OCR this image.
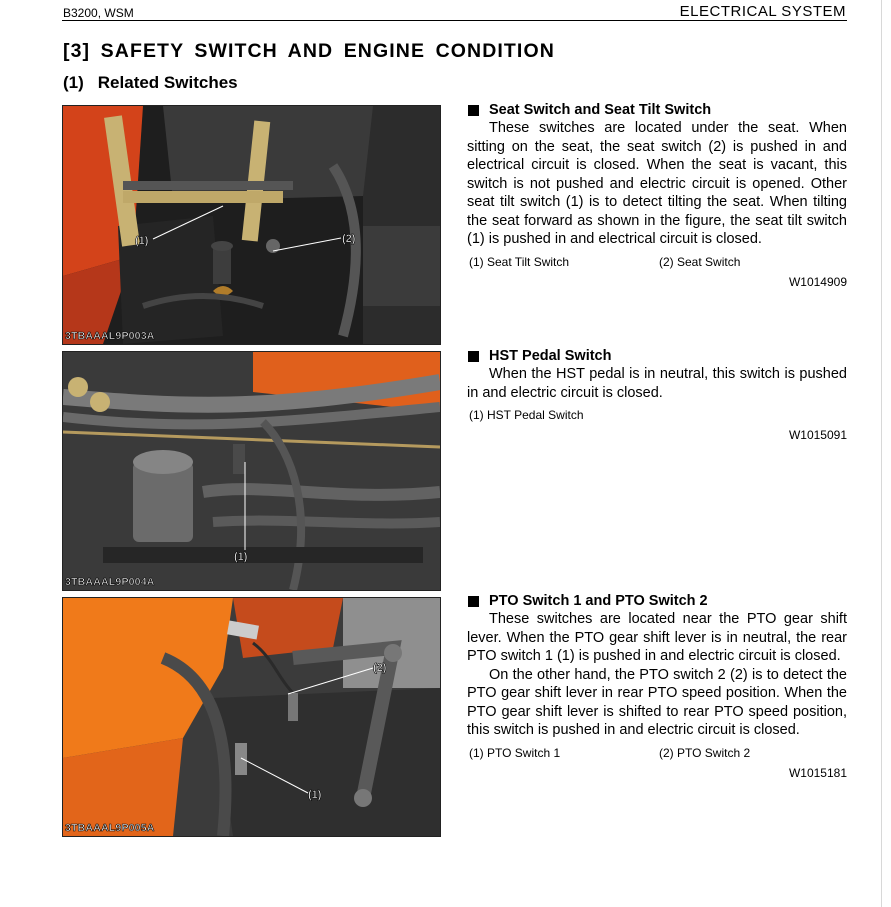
B3200, WSM	ELECTRICAL SYSTEM
[3] SAFETY SWITCH AND ENGINE CONDITION
(1) Related Switches
(1)	(2)
3TBAAAL9P003A
(1)
3TBAAAL9P004A
(2)
(1)
3TBAAAL9P005A
Seat Switch and Seat Tilt Switch

These switches are located under the seat. When sitting on the seat, the seat switch (2) is pushed in and electrical circuit is closed. When the seat is vacant, this switch is not pushed and electric circuit is opened. Other seat tilt switch (1) is to detect tilting the seat. When tilting the seat forward as shown in the figure, the seat tilt switch (1) is pushed in and electrical circuit is closed.

(1) Seat Tilt Switch	(2) Seat Switch
W1014909
HST Pedal Switch

When the HST pedal is in neutral, this switch is pushed in and electric circuit is closed.

(1) HST Pedal Switch
W1015091
PTO Switch 1 and PTO Switch 2

These switches are located near the PTO gear shift lever. When the PTO gear shift lever is in neutral, the rear PTO switch 1 (1) is pushed in and electric circuit is closed.

On the other hand, the PTO switch 2 (2) is to detect the PTO gear shift lever in rear PTO speed position. When the PTO gear shift lever is shifted to rear PTO speed position, this switch is pushed in and electric circuit is closed.

(1) PTO Switch 1	(2) PTO Switch 2
W1015181
